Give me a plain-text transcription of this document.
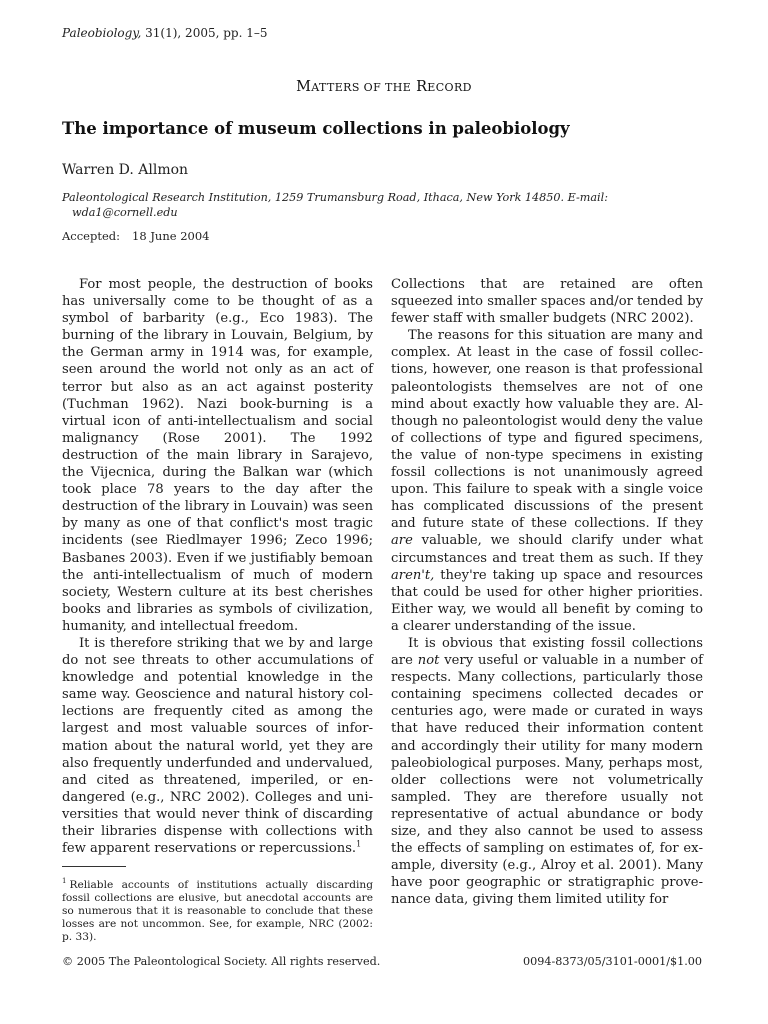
Paleobiology, 31(1), 2005, pp. 1–5
MATTERS OF THE RECORD
The importance of museum collections in paleobiology
Warren D. Allmon
Paleontological Research Institution, 1259 Trumansburg Road, Ithaca, New York 14850. E-mail:
wda1@cornell.edu
Accepted: 18 June 2004

For most people, the destruction of books has universally come to be thought of as a symbol of barbarity (e.g., Eco 1983). The burning of the library in Louvain, Belgium, by the German army in 1914 was, for example, seen around the world not only as an act of terror but also as an act against posterity (Tuchman 1962). Nazi book-burning is a virtual icon of anti-intellectualism and social malignancy (Rose 2001). The 1992 destruction of the main library in Sarajevo, the Vijecnica, during the Balkan war (which took place 78 years to the day after the destruction of the library in Louvain) was seen by many as one of that conflict's most tragic incidents (see Riedlmayer 1996; Zeco 1996; Basbanes 2003). Even if we justifiably bemoan the anti-intellectualism of much of modern society, Western culture at its best cherishes books and libraries as symbols of civilization, humanity, and intellectual freedom.

It is therefore striking that we by and large do not see threats to other accumulations of knowledge and potential knowledge in the same way. Geoscience and natural history collections are frequently cited as among the largest and most valuable sources of information about the natural world, yet they are also frequently underfunded and undervalued, and cited as threatened, imperiled, or endangered (e.g., NRC 2002). Colleges and universities that would never think of discarding their libraries dispense with collections with few apparent reservations or repercussions.$^1$

$^1$ Reliable accounts of institutions actually discarding fossil collections are elusive, but anecdotal accounts are so numerous that it is reasonable to conclude that these losses are not uncommon. See, for example, NRC (2002: p. 33).

Collections that are retained are often squeezed into smaller spaces and/or tended by fewer staff with smaller budgets (NRC 2002).

The reasons for this situation are many and complex. At least in the case of fossil collections, however, one reason is that professional paleontologists themselves are not of one mind about exactly how valuable they are. Although no paleontologist would deny the value of collections of type and figured specimens, the value of non-type specimens in existing fossil collections is not unanimously agreed upon. This failure to speak with a single voice has complicated discussions of the present and future state of these collections. If they are valuable, we should clarify under what circumstances and treat them as such. If they aren't, they're taking up space and resources that could be used for other higher priorities. Either way, we would all benefit by coming to a clearer understanding of the issue.

It is obvious that existing fossil collections are not very useful or valuable in a number of respects. Many collections, particularly those containing specimens collected decades or centuries ago, were made or curated in ways that have reduced their information content and accordingly their utility for many modern paleobiological purposes. Many, perhaps most, older collections were not volumetrically sampled. They are therefore usually not representative of actual abundance or body size, and they also cannot be used to assess the effects of sampling on estimates of, for example, diversity (e.g., Alroy et al. 2001). Many have poor geographic or stratigraphic provenance data, giving them limited utility for

© 2005 The Paleontological Society. All rights reserved.	0094-8373/05/3101-0001/$1.00
